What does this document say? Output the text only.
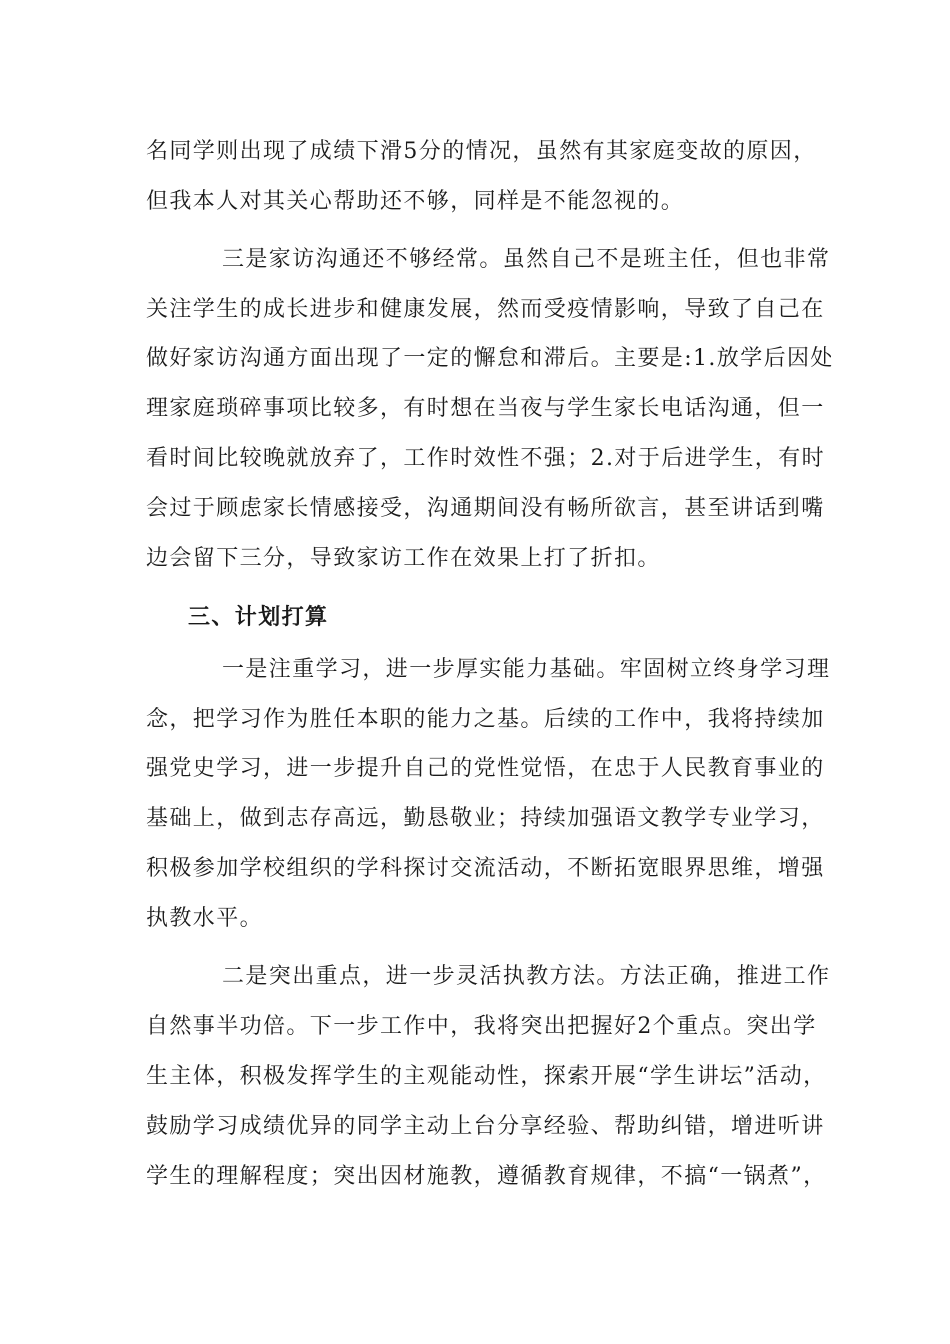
名同学则出现了成绩下滑5分的情况，虽然有其家庭变故的原因，
但我本人对其关心帮助还不够，同样是不能忽视的。
三是家访沟通还不够经常。虽然自己不是班主任，但也非常
关注学生的成长进步和健康发展，然而受疫情影响，导致了自己在
做好家访沟通方面出现了一定的懈怠和滞后。主要是:1.放学后因处
理家庭琐碎事项比较多，有时想在当夜与学生家长电话沟通，但一
看时间比较晚就放弃了，工作时效性不强；2.对于后进学生，有时
会过于顾虑家长情感接受，沟通期间没有畅所欲言，甚至讲话到嘴
边会留下三分，导致家访工作在效果上打了折扣。
三、计划打算
一是注重学习，进一步厚实能力基础。牢固树立终身学习理
念，把学习作为胜任本职的能力之基。后续的工作中，我将持续加
强党史学习，进一步提升自己的党性觉悟，在忠于人民教育事业的
基础上，做到志存高远，勤恳敬业；持续加强语文教学专业学习，
积极参加学校组织的学科探讨交流活动，不断拓宽眼界思维，增强
执教水平。
二是突出重点，进一步灵活执教方法。方法正确，推进工作
自然事半功倍。下一步工作中，我将突出把握好2个重点。突出学
生主体，积极发挥学生的主观能动性，探索开展“学生讲坛”活动，
鼓励学习成绩优异的同学主动上台分享经验、帮助纠错，增进听讲
学生的理解程度；突出因材施教，遵循教育规律，不搞“一锅煮”，
